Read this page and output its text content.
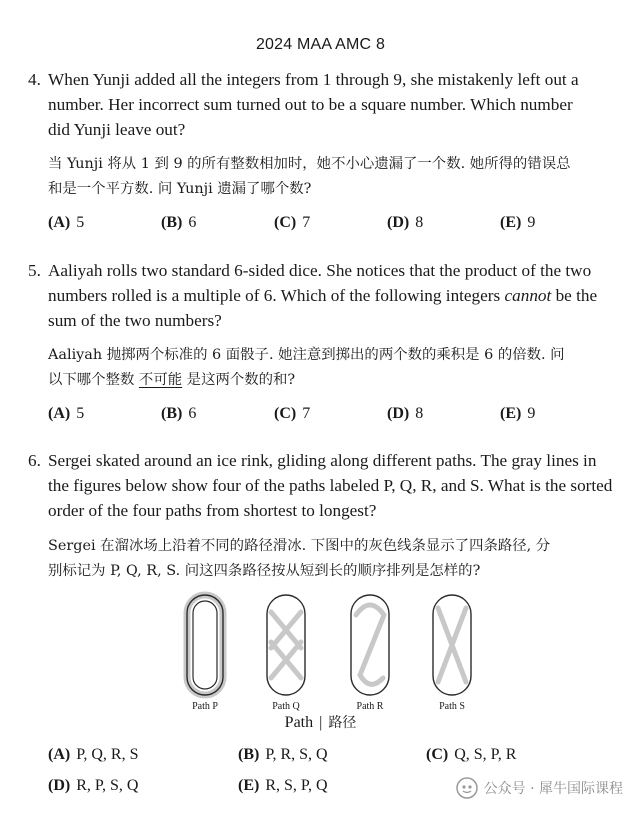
2024 MAA AMC 8
4. When Yunji added all the integers from 1 through 9, she mistakenly left out a
number. Her incorrect sum turned out to be a square number. Which number
did Yunji leave out?
当 Yunji 将从 1 到 9 的所有整数相加时，她不小心遗漏了一个数. 她所得的错误总
和是一个平方数. 问 Yunji 遗漏了哪个数?
(A) 5	(B) 6	(C) 7	(D) 8	(E) 9
5. Aaliyah rolls two standard 6-sided dice. She notices that the product of the two
numbers rolled is a multiple of 6. Which of the following integers cannot be the
sum of the two numbers?
Aaliyah 抛掷两个标准的 6 面骰子. 她注意到掷出的两个数的乘积是 6 的倍数. 问
以下哪个整数 不可能 是这两个数的和?
(A) 5	(B) 6	(C) 7	(D) 8	(E) 9
6. Sergei skated around an ice rink, gliding along different paths. The gray lines in
the figures below show four of the paths labeled P, Q, R, and S. What is the sorted
order of the four paths from shortest to longest?
Sergei 在溜冰场上沿着不同的路径滑冰. 下图中的灰色线条显示了四条路径, 分
别标记为 P, Q, R, S. 问这四条路径按从短到长的顺序排列是怎样的?
Path P	Path Q	Path R	Path S
Path | 路径
(A) P, Q, R, S	(B) P, R, S, Q	(C) Q, S, P, R
(D) R, P, S, Q	(E) R, S, P, Q	公众号 · 犀牛国际课程
